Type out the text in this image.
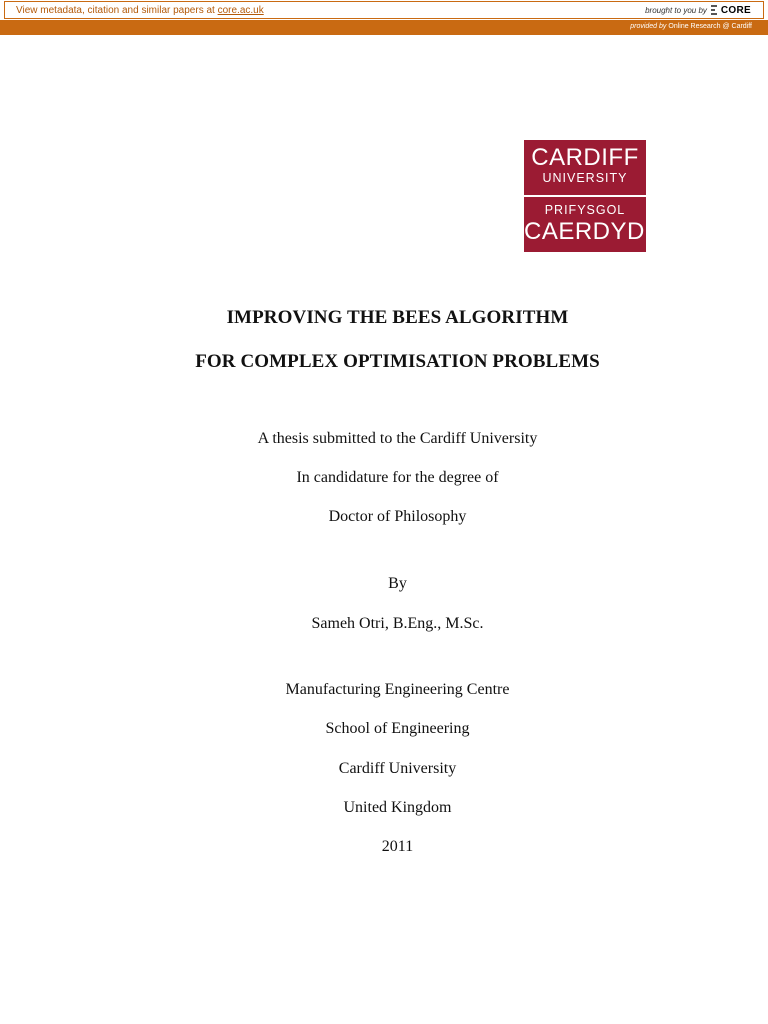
View metadata, citation and similar papers at core.ac.uk	brought to you by CORE
provided by Online Research @ Cardiff
CARDIFF
UNIVERSITY
PRIFYSGOL
CAERDYDD
IMPROVING THE BEES ALGORITHM
FOR COMPLEX OPTIMISATION PROBLEMS
A thesis submitted to the Cardiff University
In candidature for the degree of
Doctor of Philosophy
By
Sameh Otri, B.Eng., M.Sc.
Manufacturing Engineering Centre
School of Engineering
Cardiff University
United Kingdom
2011
